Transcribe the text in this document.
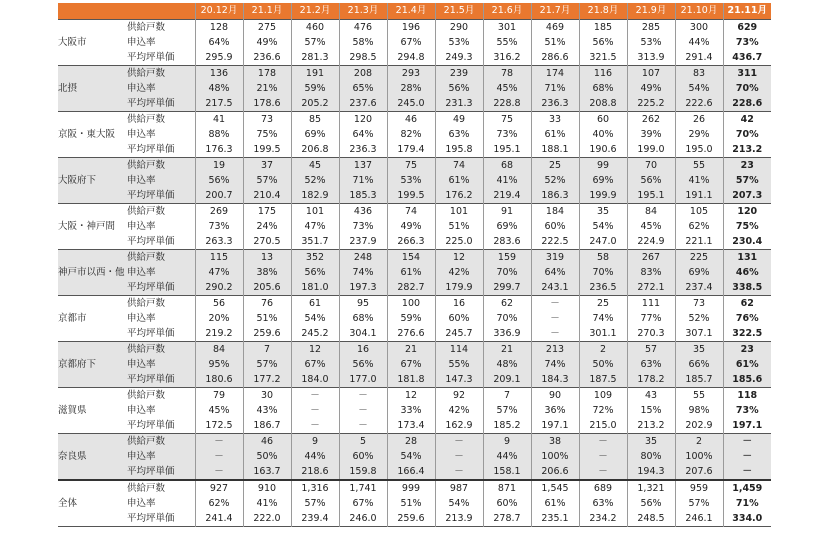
		20.12月	21.1月	21.2月	21.3月	21.4月	21.5月	21.6月	21.7月	21.8月	21.9月	21.10月	21.11月
大阪市	供給戸数	128	275	460	476	196	290	301	469	185	285	300	629
	申込率	64%	49%	57%	58%	67%	53%	55%	51%	56%	53%	44%	73%
	平均坪単価	295.9	236.6	281.3	298.5	294.8	249.3	316.2	286.6	321.5	313.9	291.4	436.7
北摂	供給戸数	136	178	191	208	293	239	78	174	116	107	83	311
	申込率	48%	21%	59%	65%	28%	56%	45%	71%	68%	49%	54%	70%
	平均坪単価	217.5	178.6	205.2	237.6	245.0	231.3	228.8	236.3	208.8	225.2	222.6	228.6
京阪・東大阪	供給戸数	41	73	85	120	46	49	75	33	60	262	26	42
	申込率	88%	75%	69%	64%	82%	63%	73%	61%	40%	39%	29%	70%
	平均坪単価	176.3	199.5	206.8	236.3	179.4	195.8	195.1	188.1	190.6	199.0	195.0	213.2
大阪府下	供給戸数	19	37	45	137	75	74	68	25	99	70	55	23
	申込率	56%	57%	52%	71%	53%	61%	41%	52%	69%	56%	41%	57%
	平均坪単価	200.7	210.4	182.9	185.3	199.5	176.2	219.4	186.3	199.9	195.1	191.1	207.3
大阪・神戸間	供給戸数	269	175	101	436	74	101	91	184	35	84	105	120
	申込率	73%	24%	47%	73%	49%	51%	69%	60%	54%	45%	62%	75%
	平均坪単価	263.3	270.5	351.7	237.9	266.3	225.0	283.6	222.5	247.0	224.9	221.1	230.4
神戸市以西・他	供給戸数	115	13	352	248	154	12	159	319	58	267	225	131
	申込率	47%	38%	56%	74%	61%	42%	70%	64%	70%	83%	69%	46%
	平均坪単価	290.2	205.6	181.0	197.3	282.7	179.9	299.7	243.1	236.5	272.1	237.4	338.5
京都市	供給戸数	56	76	61	95	100	16	62	－	25	111	73	62
	申込率	20%	51%	54%	68%	59%	60%	70%	－	74%	77%	52%	76%
	平均坪単価	219.2	259.6	245.2	304.1	276.6	245.7	336.9	－	301.1	270.3	307.1	322.5
京都府下	供給戸数	84	7	12	16	21	114	21	213	2	57	35	23
	申込率	95%	57%	67%	56%	67%	55%	48%	74%	50%	63%	66%	61%
	平均坪単価	180.6	177.2	184.0	177.0	181.8	147.3	209.1	184.3	187.5	178.2	185.7	185.6
滋賀県	供給戸数	79	30	－	－	12	92	7	90	109	43	55	118
	申込率	45%	43%	－	－	33%	42%	57%	36%	72%	15%	98%	73%
	平均坪単価	172.5	186.7	－	－	173.4	162.9	185.2	197.1	215.0	213.2	202.9	197.1
奈良県	供給戸数	－	46	9	5	28	－	9	38	－	35	2	－
	申込率	－	50%	44%	60%	54%	－	44%	100%	－	80%	100%	－
	平均坪単価	－	163.7	218.6	159.8	166.4	－	158.1	206.6	－	194.3	207.6	－
全体	供給戸数	927	910	1,316	1,741	999	987	871	1,545	689	1,321	959	1,459
	申込率	62%	41%	57%	67%	51%	54%	60%	61%	63%	56%	57%	71%
	平均坪単価	241.4	222.0	239.4	246.0	259.6	213.9	278.7	235.1	234.2	248.5	246.1	334.0
